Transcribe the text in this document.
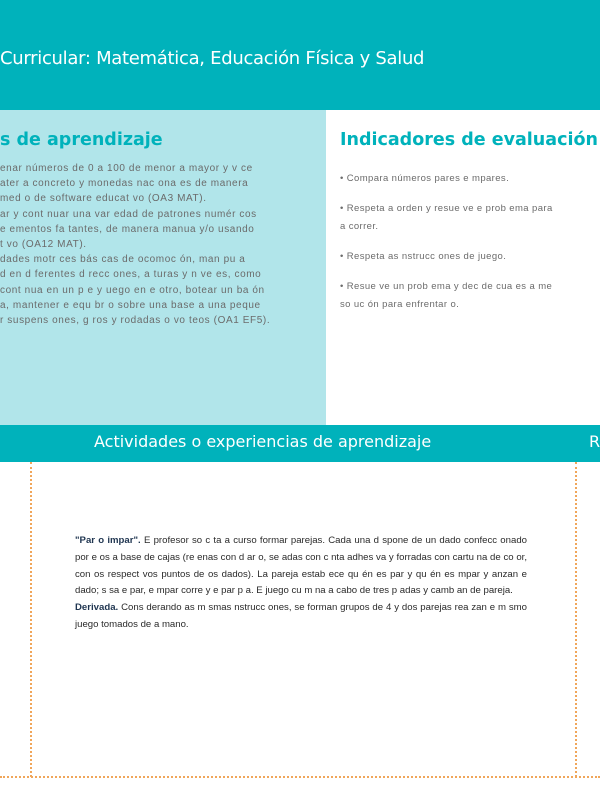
Curricular: Matemática, Educación Física y Salud
s de aprendizaje
enar números de 0 a 100 de menor a mayor y v ce
ater a concreto y monedas nac ona es de manera
med o de software educat vo (OA3 MAT).
ar y cont nuar una var edad de patrones numér cos
e ementos fa tantes, de manera manua y/o usando
t vo (OA12 MAT).
dades motr ces bás cas de ocomoc ón, man pu a
d en d ferentes d recc ones, a turas y n ve es, como
cont nua en un p e y uego en e otro, botear un ba ón
a, mantener e equ br o sobre una base a una peque
r suspens ones, g ros y rodadas o vo teos (OA1 EF5).
Indicadores de evaluación
• Compara números pares e mpares.
• Respeta a orden y resue ve e prob ema para
a correr.
• Respeta as nstrucc ones de juego.
• Resue ve un prob ema y dec de cua es a me
so uc ón para enfrentar o.
Actividades o experiencias de aprendizaje	R

"Par o impar". E profesor so c ta a curso formar parejas. Cada una d spone de un dado confecc onado por e os a base de cajas (re enas con d ar o, se adas con c nta adhes va y forradas con cartu na de co or, con os respect vos puntos de os dados). La pareja estab ece qu én es par y qu én es mpar y anzan e dado; s sa e par, e mpar corre y e par p a. E juego cu m na a cabo de tres p adas y camb an de pareja.

Derivada. Cons derando as m smas nstrucc ones, se forman grupos de 4 y dos parejas rea zan e m smo juego tomados de a mano.
